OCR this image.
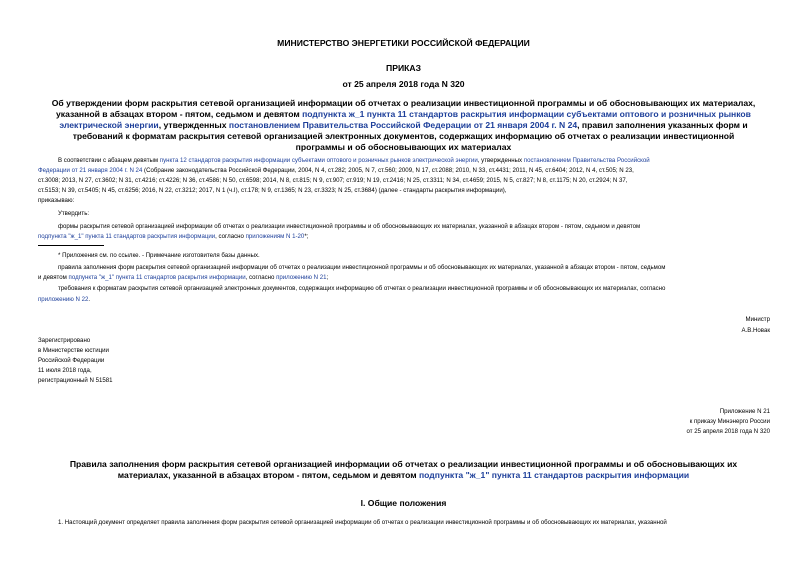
МИНИСТЕРСТВО ЭНЕРГЕТИКИ РОССИЙСКОЙ ФЕДЕРАЦИИ
ПРИКАЗ
от 25 апреля 2018 года N 320
Об утверждении форм раскрытия сетевой организацией информации об отчетах о реализации инвестиционной программы и об обосновывающих их материалах,
указанной в абзацах втором - пятом, седьмом и девятом подпункта ж_1 пункта 11 стандартов раскрытия информации субъектами оптового и розничных рынков
электрической энергии, утвержденных постановлением Правительства Российской Федерации от 21 января 2004 г. N 24, правил заполнения указанных форм и
требований к форматам раскрытия сетевой организацией электронных документов, содержащих информацию об отчетах о реализации инвестиционной
программы и об обосновывающих их материалах
В соответствии с абзацем девятым пункта 12 стандартов раскрытия информации субъектами оптового и розничных рынков электрической энергии, утвержденных постановлением Правительства Российской
Федерации от 21 января 2004 г. N 24 (Собрание законодательства Российской Федерации, 2004, N 4, ст.282; 2005, N 7, ст.560; 2009, N 17, ст.2088; 2010, N 33, ст.4431; 2011, N 45, ст.6404; 2012, N 4, ст.505; N 23,
ст.3008; 2013, N 27, ст.3602; N 31, ст.4216; ст.4226; N 36, ст.4586; N 50, ст.6598; 2014, N 8, ст.815; N 9, ст.907; ст.919; N 19, ст.2416; N 25, ст.3311; N 34, ст.4659; 2015, N 5, ст.827; N 8, ст.1175; N 20, ст.2924; N 37,
ст.5153; N 39, ст.5405; N 45, ст.6256; 2016, N 22, ст.3212; 2017, N 1 (ч.I), ст.178; N 9, ст.1365; N 23, ст.3323; N 25, ст.3684) (далее - стандарты раскрытия информации),
приказываю:
Утвердить:
формы раскрытия сетевой организацией информации об отчетах о реализации инвестиционной программы и об обосновывающих их материалах, указанной в абзацах втором - пятом, седьмом и девятом
подпункта "ж_1" пункта 11 стандартов раскрытия информации, согласно приложениям N 1-20*;
* Приложения см. по ссылке. - Примечание изготовителя базы данных.
правила заполнения форм раскрытия сетевой организацией информации об отчетах о реализации инвестиционной программы и об обосновывающих их материалах, указанной в абзацах втором - пятом, седьмом
и девятом подпункта "ж_1" пункта 11 стандартов раскрытия информации, согласно приложению N 21;
требования к форматам раскрытия сетевой организацией электронных документов, содержащих информацию об отчетах о реализации инвестиционной программы и об обосновывающих их материалах, согласно
приложению N 22.
Министр
А.В.Новак
Зарегистрировано
в Министерстве юстиции
Российской Федерации
11 июля 2018 года,
регистрационный N 51581
Приложение N 21
к приказу Минэнерго России
от 25 апреля 2018 года N 320
Правила заполнения форм раскрытия сетевой организацией информации об отчетах о реализации инвестиционной программы и об обосновывающих их
материалах, указанной в абзацах втором - пятом, седьмом и девятом подпункта "ж_1" пункта 11 стандартов раскрытия информации
I. Общие положения
1. Настоящий документ определяет правила заполнения форм раскрытия сетевой организацией информации об отчетах о реализации инвестиционной программы и об обосновывающих их материалах, указанной
